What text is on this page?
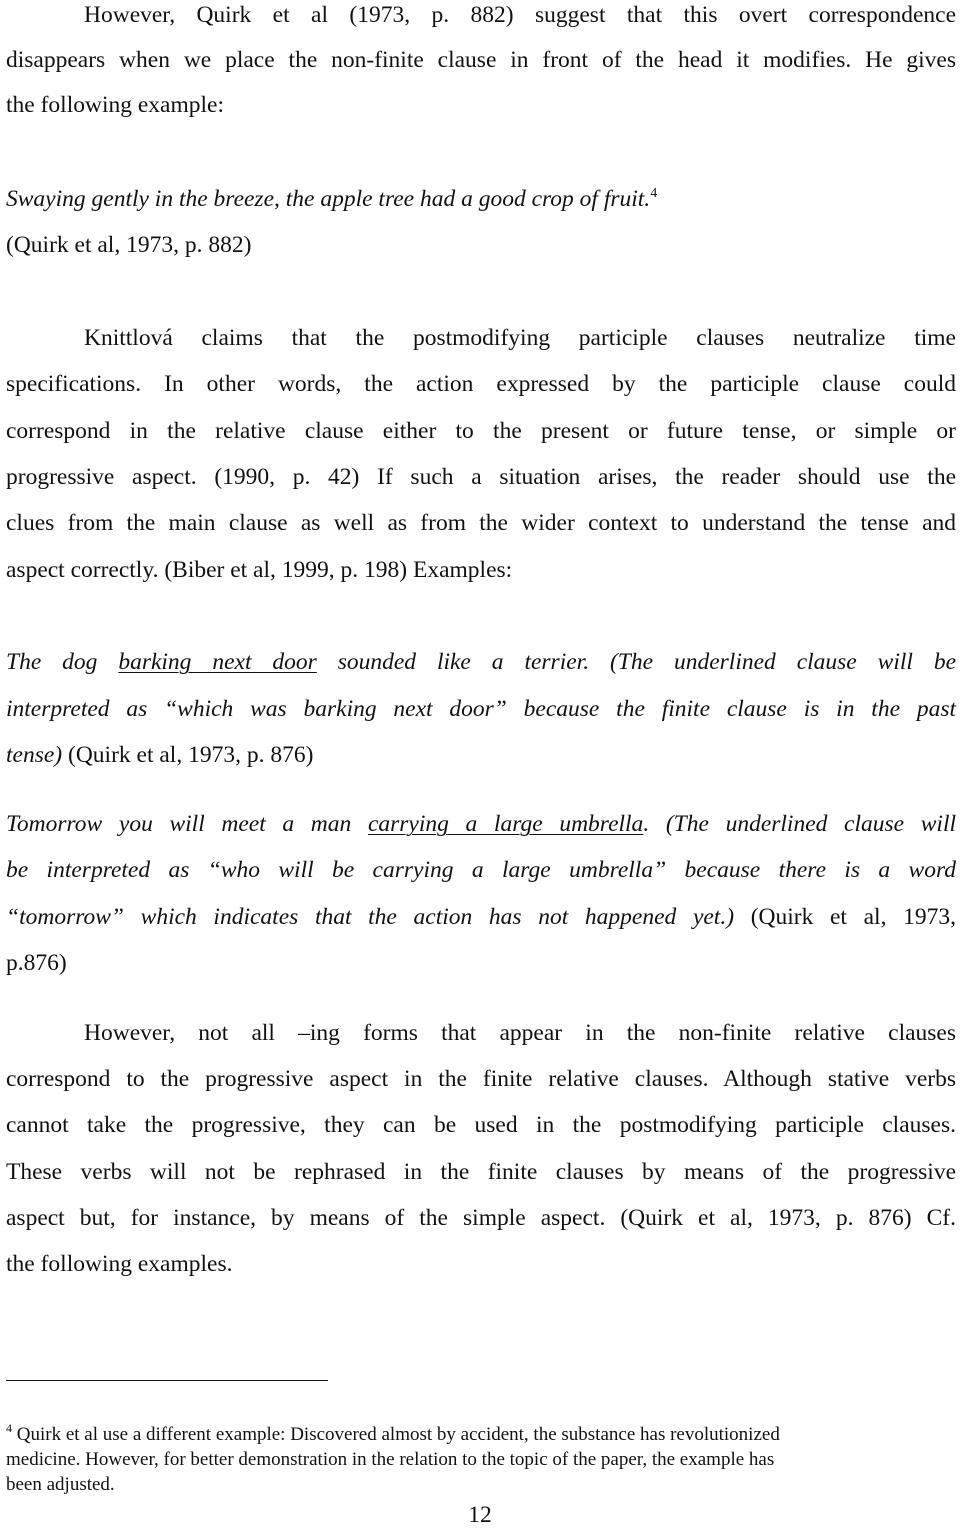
However, Quirk et al (1973, p. 882) suggest that this overt correspondence
disappears when we place the non-finite clause in front of the head it modifies. He gives
the following example:
Swaying gently in the breeze, the apple tree had a good crop of fruit.$^4$
(Quirk et al, 1973, p. 882)
Knittlová claims that the postmodifying participle clauses neutralize time
specifications. In other words, the action expressed by the participle clause could
correspond in the relative clause either to the present or future tense, or simple or
progressive aspect. (1990, p. 42) If such a situation arises, the reader should use the
clues from the main clause as well as from the wider context to understand the tense and
aspect correctly. (Biber et al, 1999, p. 198) Examples:
The dog barking next door sounded like a terrier. (The underlined clause will be
interpreted as “which was barking next door” because the finite clause is in the past
tense) (Quirk et al, 1973, p. 876)
Tomorrow you will meet a man carrying a large umbrella. (The underlined clause will
be interpreted as “who will be carrying a large umbrella” because there is a word
“tomorrow” which indicates that the action has not happened yet.) (Quirk et al, 1973,
p.876)
However, not all –ing forms that appear in the non-finite relative clauses
correspond to the progressive aspect in the finite relative clauses. Although stative verbs
cannot take the progressive, they can be used in the postmodifying participle clauses.
These verbs will not be rephrased in the finite clauses by means of the progressive
aspect but, for instance, by means of the simple aspect. (Quirk et al, 1973, p. 876) Cf.
the following examples.
$^4$ Quirk et al use a different example: Discovered almost by accident, the substance has revolutionized
medicine. However, for better demonstration in the relation to the topic of the paper, the example has
been adjusted.
12
